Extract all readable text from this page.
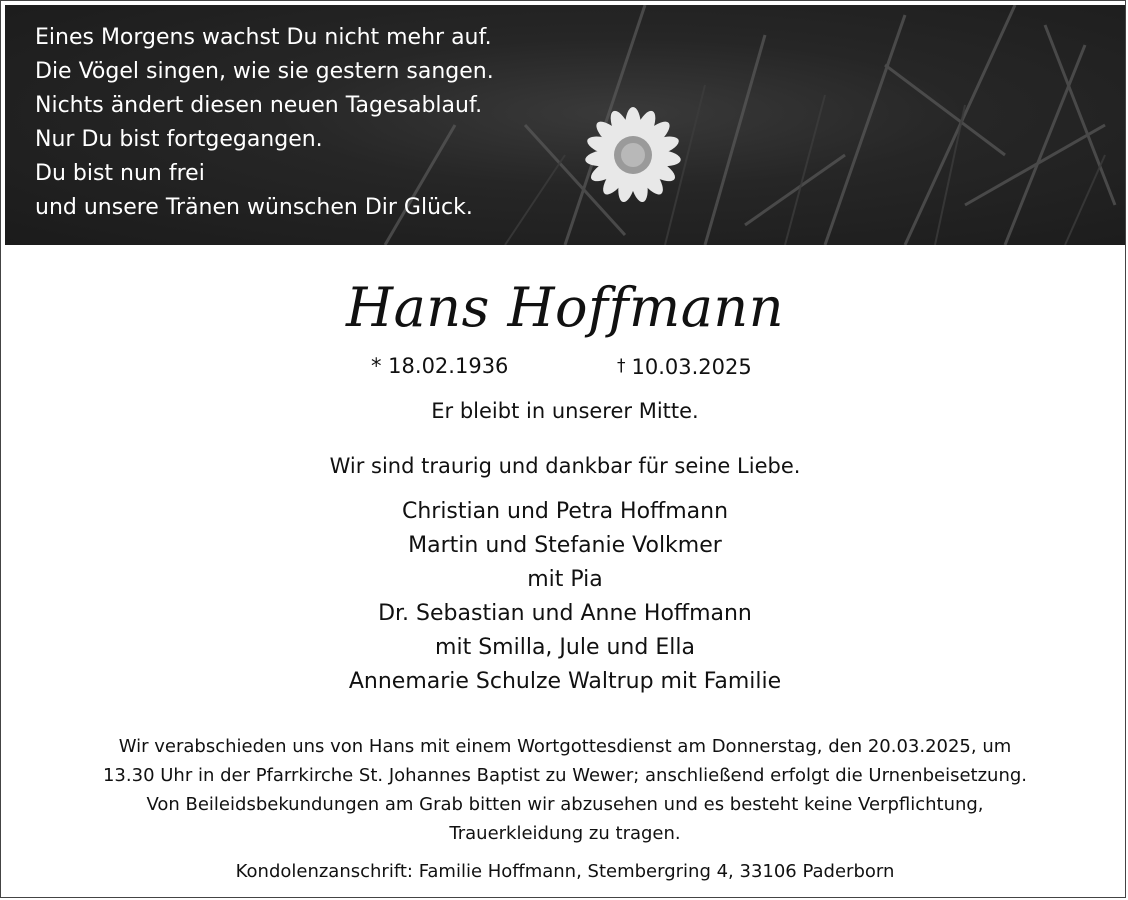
Eines Morgens wachst Du nicht mehr auf.
Die Vögel singen, wie sie gestern sangen.
Nichts ändert diesen neuen Tagesablauf.
Nur Du bist fortgegangen.
Du bist nun frei
und unsere Tränen wünschen Dir Glück.
Hans Hoffmann
* 18.02.1936	† 10.03.2025
Er bleibt in unserer Mitte.
Wir sind traurig und dankbar für seine Liebe.
Christian und Petra Hoffmann
Martin und Stefanie Volkmer
mit Pia
Dr. Sebastian und Anne Hoffmann
mit Smilla, Jule und Ella
Annemarie Schulze Waltrup mit Familie
Wir verabschieden uns von Hans mit einem Wortgottesdienst am Donnerstag, den 20.03.2025, um
13.30 Uhr in der Pfarrkirche St. Johannes Baptist zu Wewer; anschließend erfolgt die Urnenbeisetzung.
Von Beileidsbekundungen am Grab bitten wir abzusehen und es besteht keine Verpflichtung,
Trauerkleidung zu tragen.
Kondolenzanschrift: Familie Hoffmann, Stembergring 4, 33106 Paderborn
